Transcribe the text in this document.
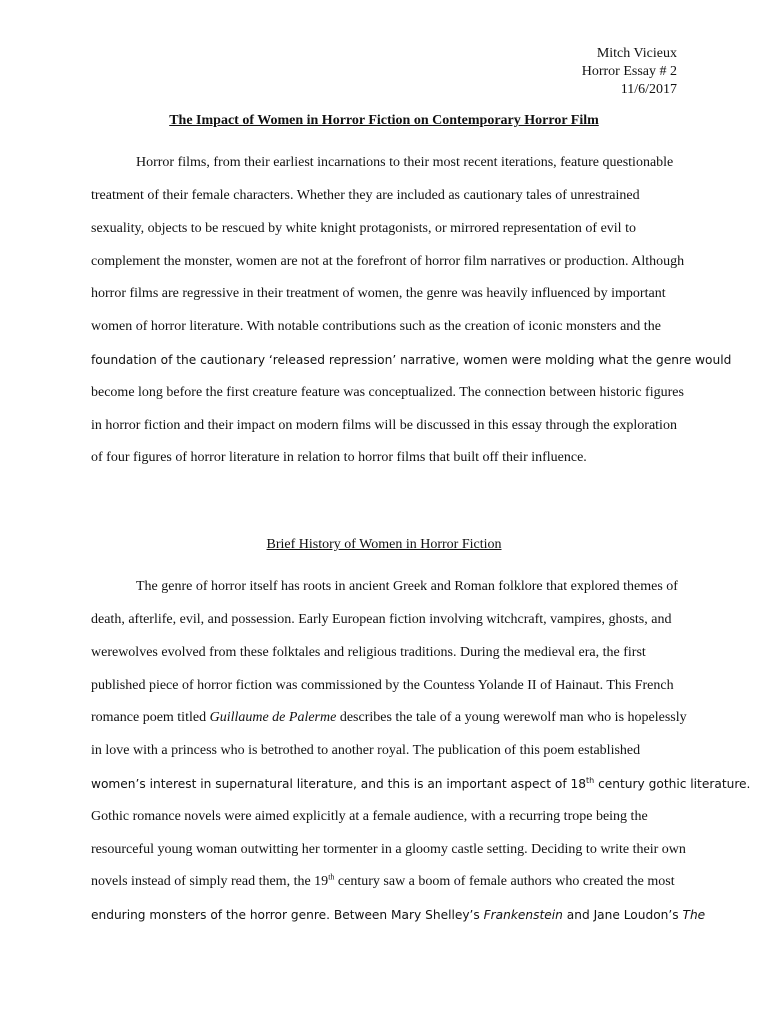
Mitch Vicieux
Horror Essay # 2
11/6/2017
The Impact of Women in Horror Fiction on Contemporary Horror Film
Horror films, from their earliest incarnations to their most recent iterations, feature questionable
treatment of their female characters. Whether they are included as cautionary tales of unrestrained
sexuality, objects to be rescued by white knight protagonists, or mirrored representation of evil to
complement the monster, women are not at the forefront of horror film narratives or production. Although
horror films are regressive in their treatment of women, the genre was heavily influenced by important
women of horror literature. With notable contributions such as the creation of iconic monsters and the
foundation of the cautionary ‘released repression’ narrative, women were molding what the genre would
become long before the first creature feature was conceptualized. The connection between historic figures
in horror fiction and their impact on modern films will be discussed in this essay through the exploration
of four figures of horror literature in relation to horror films that built off their influence.
Brief History of Women in Horror Fiction
The genre of horror itself has roots in ancient Greek and Roman folklore that explored themes of
death, afterlife, evil, and possession. Early European fiction involving witchcraft, vampires, ghosts, and
werewolves evolved from these folktales and religious traditions. During the medieval era, the first
published piece of horror fiction was commissioned by the Countess Yolande II of Hainaut. This French
romance poem titled Guillaume de Palerme describes the tale of a young werewolf man who is hopelessly
in love with a princess who is betrothed to another royal. The publication of this poem established
women’s interest in supernatural literature, and this is an important aspect of 18th century gothic literature.
Gothic romance novels were aimed explicitly at a female audience, with a recurring trope being the
resourceful young woman outwitting her tormenter in a gloomy castle setting. Deciding to write their own
novels instead of simply read them, the 19th century saw a boom of female authors who created the most
enduring monsters of the horror genre. Between Mary Shelley’s Frankenstein and Jane Loudon’s The
